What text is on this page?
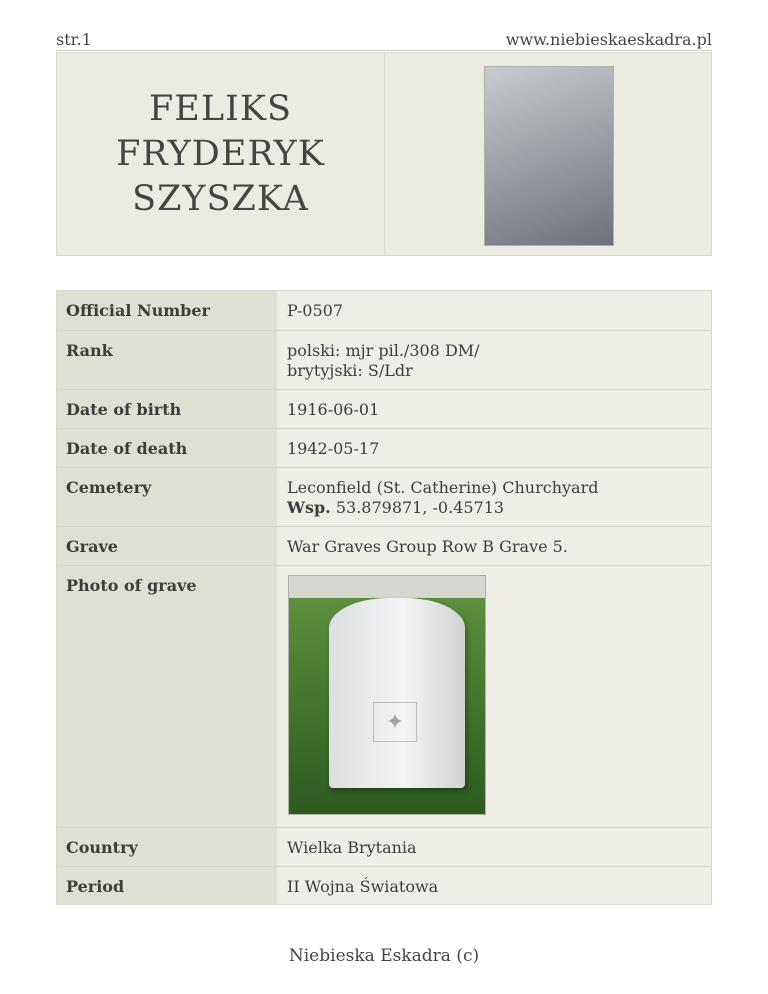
str.1	www.niebieskaeskadra.pl
FELIKS
FRYDERYK
SZYSZKA
Official Number	P-0507
Rank	polski: mjr pil./308 DM/
brytyjski: S/Ldr
Date of birth	1916-06-01
Date of death	1942-05-17
Cemetery	Leconfield (St. Catherine) Churchyard
Wsp. 53.879871, -0.45713
Grave	War Graves Group Row B Grave 5.
Photo of grave
✦
Country	Wielka Brytania
Period	II Wojna Światowa
Niebieska Eskadra (c)
